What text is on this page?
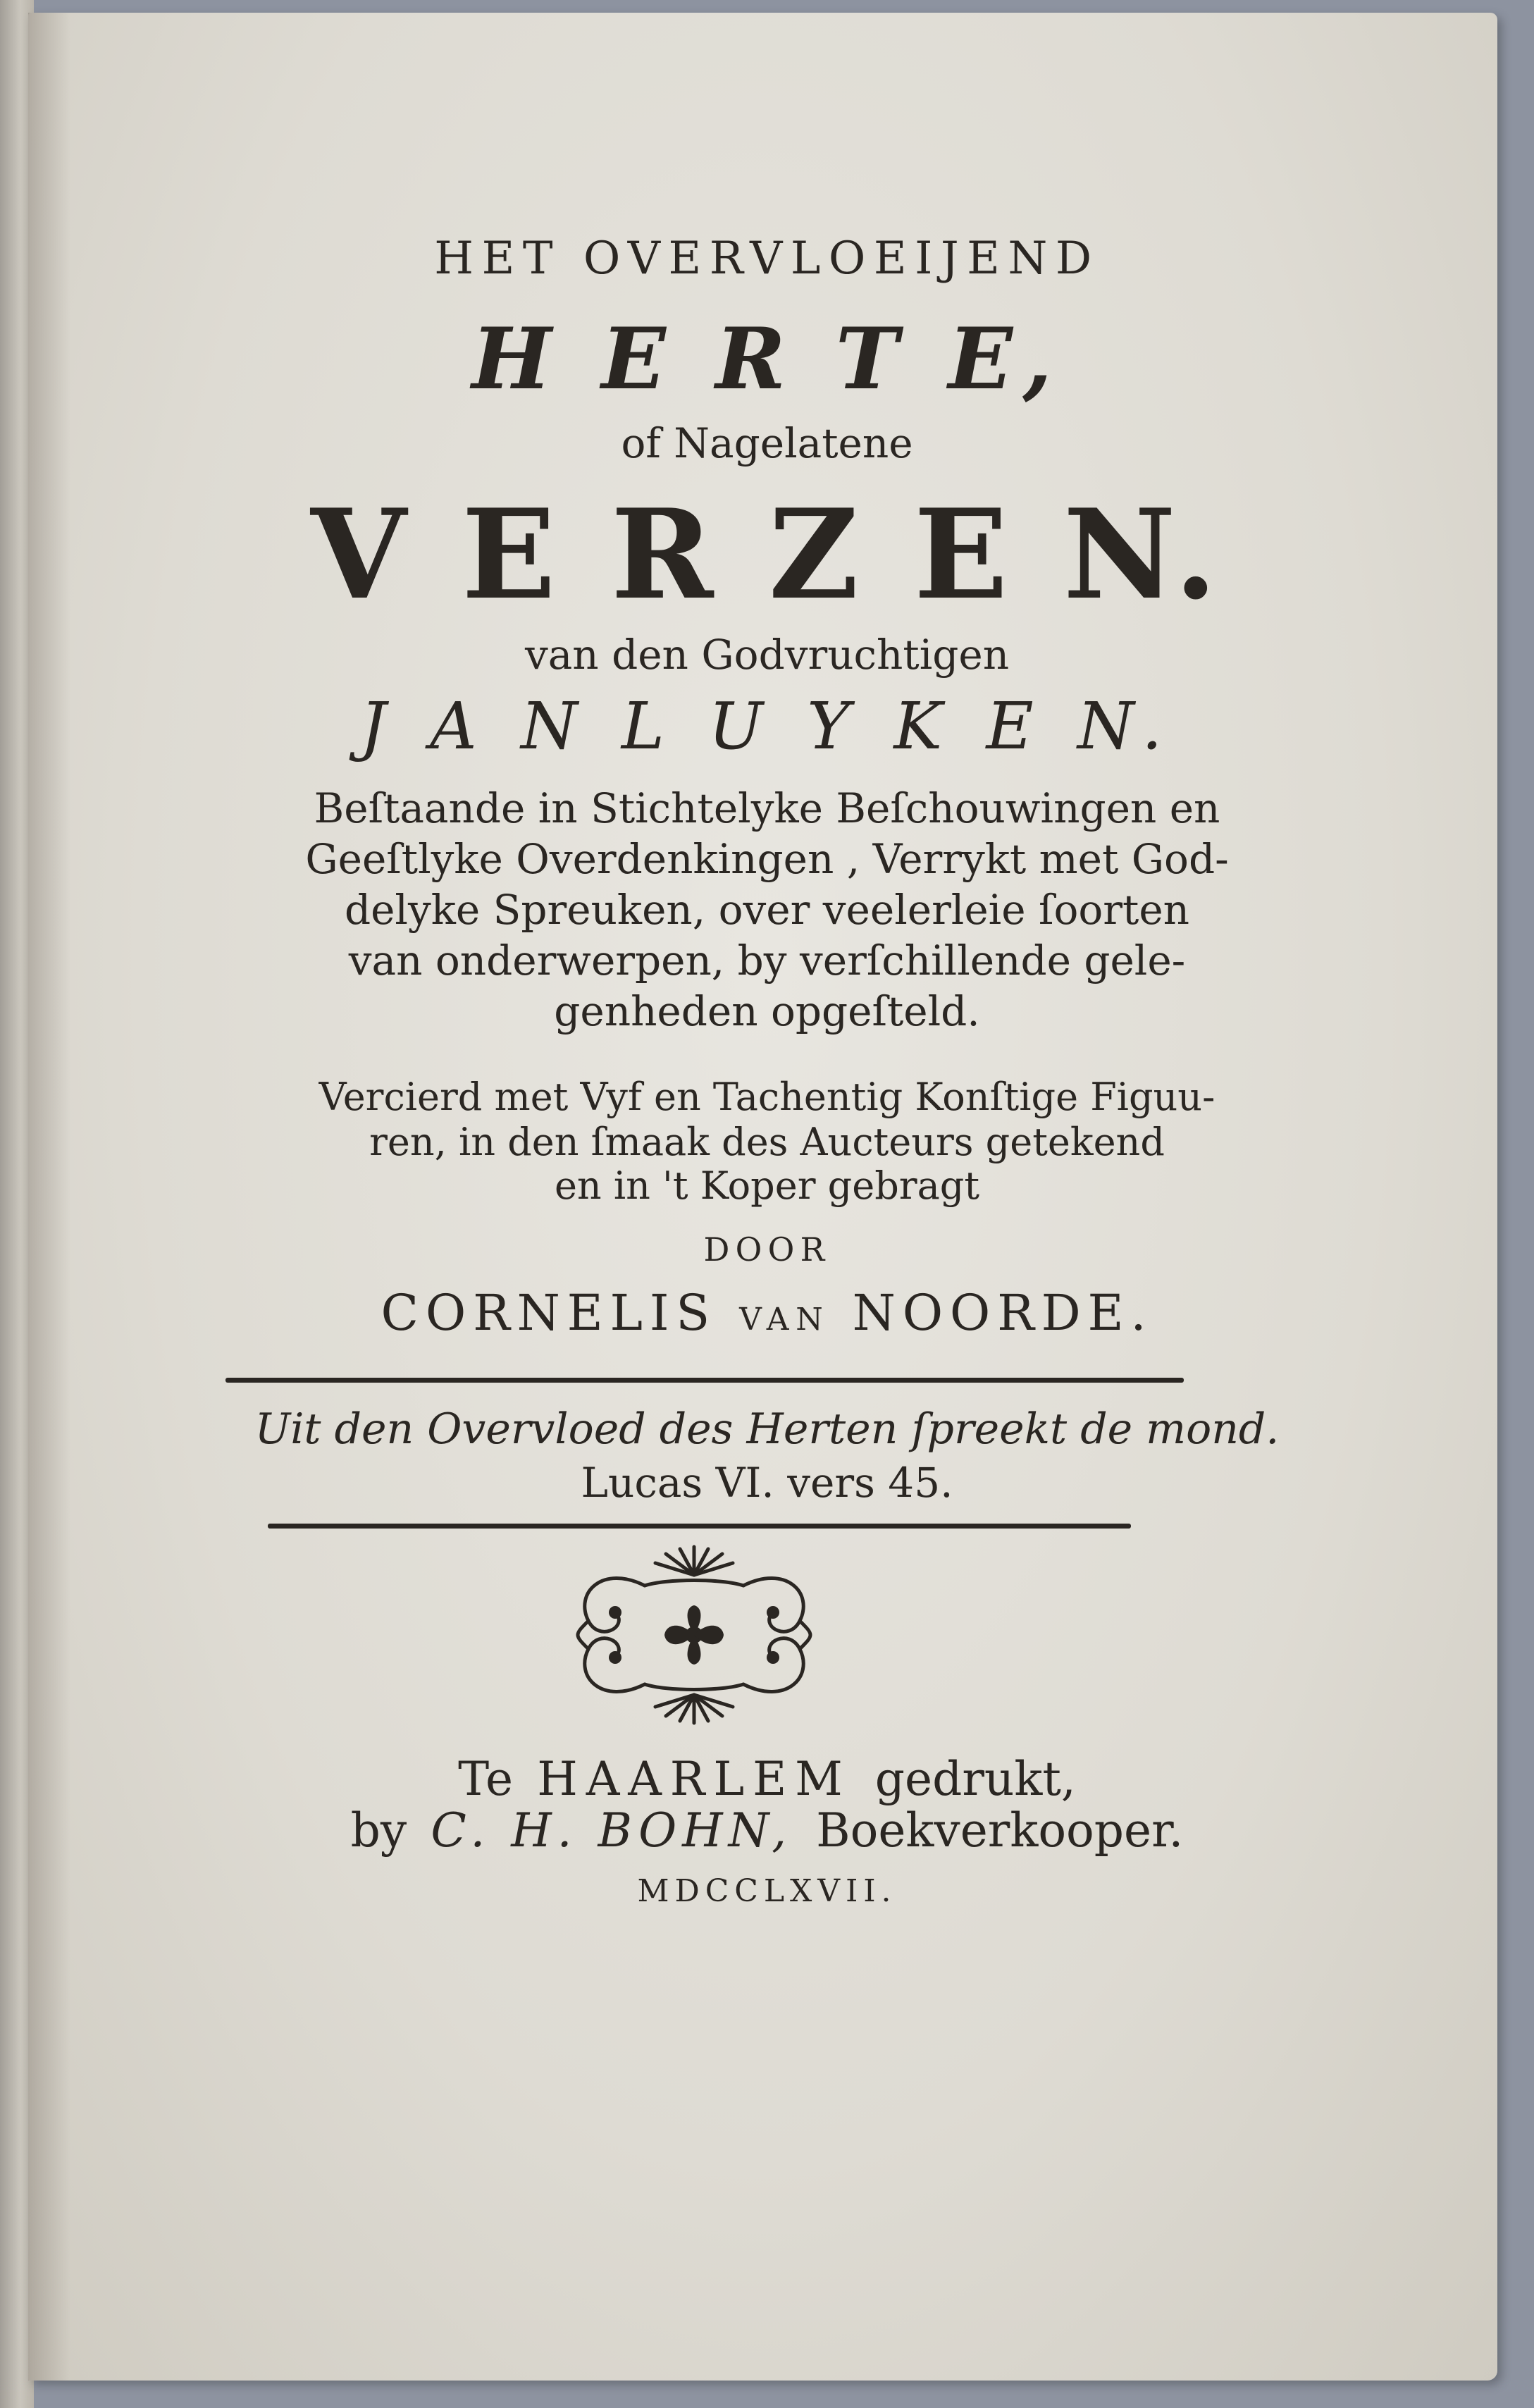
HET OVERVLOEIJEND
H E R T E,
of Nagelatene
V E R Z E N.
van den Godvruchtigen
J A N L U Y K E N.
Beſtaande in Stichtelyke Beſchouwingen en
Geeſtlyke Overdenkingen , Verrykt met God-
delyke Spreuken, over veelerleie ſoorten
van onderwerpen, by verſchillende gele-
genheden opgeſteld.
Vercierd met Vyf en Tachentig Konſtige Figuu-
ren, in den ſmaak des Aucteurs getekend
en in 't Koper gebragt
DOOR
CORNELIS VAN NOORDE.
Uit den Overvloed des Herten ſpreekt de mond.
Lucas VI. vers 45.
Te HAARLEM gedrukt,
by C. H. BOHN, Boekverkooper.
MDCCLXVII.
